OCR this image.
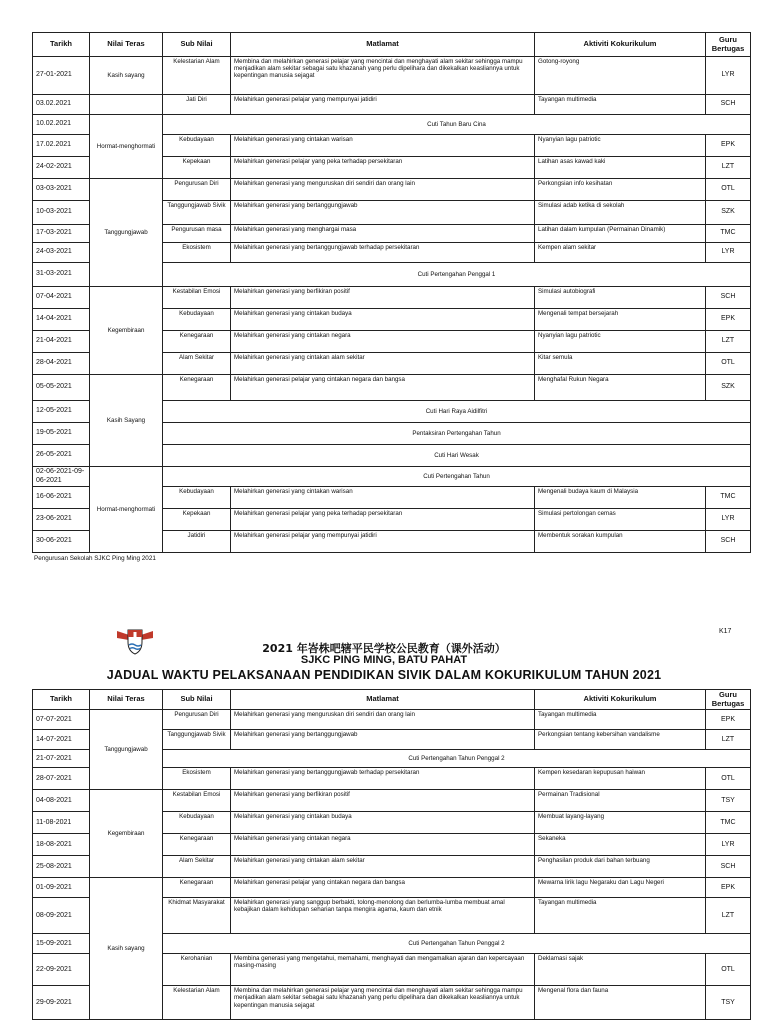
Tarikh	Nilai Teras	Sub Nilai	Matlamat	Aktiviti Kokurikulum	Guru Bertugas
27-01-2021	Kasih sayang	Kelestarian Alam	Membina dan melahirkan generasi pelajar yang mencintai dan menghayati alam sekitar sehingga mampu menjadikan alam sekitar sebagai satu khazanah yang perlu dipelihara dan dikekalkan keasliannya untuk kepentingan manusia sejagat	Gotong-royong	LYR
03.02.2021		Jati Diri	Melahirkan generasi pelajar yang mempunyai jatidiri	Tayangan multimedia	SCH
10.02.2021	Hormat-menghormati	Cuti Tahun Baru Cina			
17.02.2021		Kebudayaan	Melahirkan generasi yang cintakan warisan	Nyanyian lagu patriotic	EPK
24-02-2021		Kepekaan	Melahirkan generasi pelajar yang peka terhadap persekitaran	Latihan asas kawad kaki	LZT
03-03-2021	Tanggungjawab	Pengurusan Diri	Melahirkan generasi yang menguruskan diri sendiri dan orang lain	Perkongsian info kesihatan	OTL
10-03-2021		Tanggungjawab Sivik	Melahirkan generasi yang bertanggungjawab	Simulasi adab ketika di sekolah	SZK
17-03-2021		Pengurusan masa	Melahirkan generasi yang menghargai masa	Latihan dalam kumpulan (Permainan Dinamik)	TMC
24-03-2021		Ekosistem	Melahirkan generasi yang bertanggungjawab terhadap persekitaran	Kempen alam sekitar	LYR
31-03-2021		Cuti Pertengahan Penggal 1			
07-04-2021	Kegembiraan	Kestabilan Emosi	Melahirkan generasi yang berfikiran positif	Simulasi autobiografi	SCH
14-04-2021		Kebudayaan	Melahirkan generasi yang cintakan budaya	Mengenali tempat bersejarah	EPK
21-04-2021		Kenegaraan	Melahirkan generasi yang cintakan negara	Nyanyian lagu patriotic	LZT
28-04-2021		Alam Sekitar	Melahirkan generasi yang cintakan alam sekitar	Kitar semula	OTL
05-05-2021	Kasih Sayang	Kenegaraan	Melahirkan generasi pelajar yang cintakan negara dan bangsa	Menghafal Rukun Negara	SZK
12-05-2021		Cuti Hari Raya Aidilfitri			
19-05-2021		Pentaksiran Pertengahan Tahun			
26-05-2021		Cuti Hari Wesak			
02-06-2021-09-06-2021	Hormat-menghormati	Cuti Pertengahan Tahun			
16-06-2021		Kebudayaan	Melahirkan generasi yang cintakan warisan	Mengenali budaya kaum di Malaysia	TMC
23-06-2021		Kepekaan	Melahirkan generasi pelajar yang peka terhadap persekitaran	Simulasi pertolongan cemas	LYR
30-06-2021		Jatidiri	Melahirkan generasi pelajar yang mempunyai jatidiri	Membentuk sorakan kumpulan	SCH
Pengurusan Sekolah SJKC Ping Ming 2021
K17
2021 年峇株吧辖平民学校公民教育（课外活动）
SJKC PING MING, BATU PAHAT
JADUAL WAKTU PELAKSANAAN PENDIDIKAN SIVIK DALAM KOKURIKULUM TAHUN 2021
Tarikh	Nilai Teras	Sub Nilai	Matlamat	Aktiviti Kokurikulum	Guru Bertugas
07-07-2021	Tanggungjawab	Pengurusan Diri	Melahirkan generasi yang menguruskan diri sendiri dan orang lain	Tayangan multimedia	EPK
14-07-2021		Tanggungjawab Sivik	Melahirkan generasi yang bertanggungjawab	Perkongsian tentang kebersihan vandalisme	LZT
21-07-2021		Cuti Pertengahan Tahun Penggal 2			
28-07-2021		Ekosistem	Melahirkan generasi yang bertanggungjawab terhadap persekitaran	Kempen kesedaran kepupusan haiwan	OTL
04-08-2021	Kegembiraan	Kestabilan Emosi	Melahirkan generasi yang berfikiran positif	Permainan Tradisional	TSY
11-08-2021		Kebudayaan	Melahirkan generasi yang cintakan budaya	Membuat layang-layang	TMC
18-08-2021		Kenegaraan	Melahirkan generasi yang cintakan negara	Sekaneka	LYR
25-08-2021		Alam Sekitar	Melahirkan generasi yang cintakan alam sekitar	Penghasilan produk dari bahan terbuang	SCH
01-09-2021	Kasih sayang	Kenegaraan	Melahirkan generasi pelajar yang cintakan negara dan bangsa	Mewarna lirik lagu Negaraku dan Lagu Negeri	EPK
08-09-2021		Khidmat Masyarakat	Melahirkan generasi yang sanggup berbakti, tolong-menolong dan berlumba-lumba membuat amal kebajikan dalam kehidupan seharian tanpa mengira agama, kaum dan etnik	Tayangan multimedia	LZT
15-09-2021		Cuti Pertengahan Tahun Penggal 2			
22-09-2021		Kerohanian	Membina generasi yang mengetahui, memahami, menghayati dan mengamalkan ajaran dan kepercayaan masing-masing	Deklamasi sajak	OTL
29-09-2021		Kelestarian Alam	Membina dan melahirkan generasi pelajar yang mencintai dan menghayati alam sekitar sehingga mampu menjadikan alam sekitar sebagai satu khazanah yang perlu dipelihara dan dikekalkan keasliannya untuk kepentingan manusia sejagat	Mengenal flora dan fauna	TSY
